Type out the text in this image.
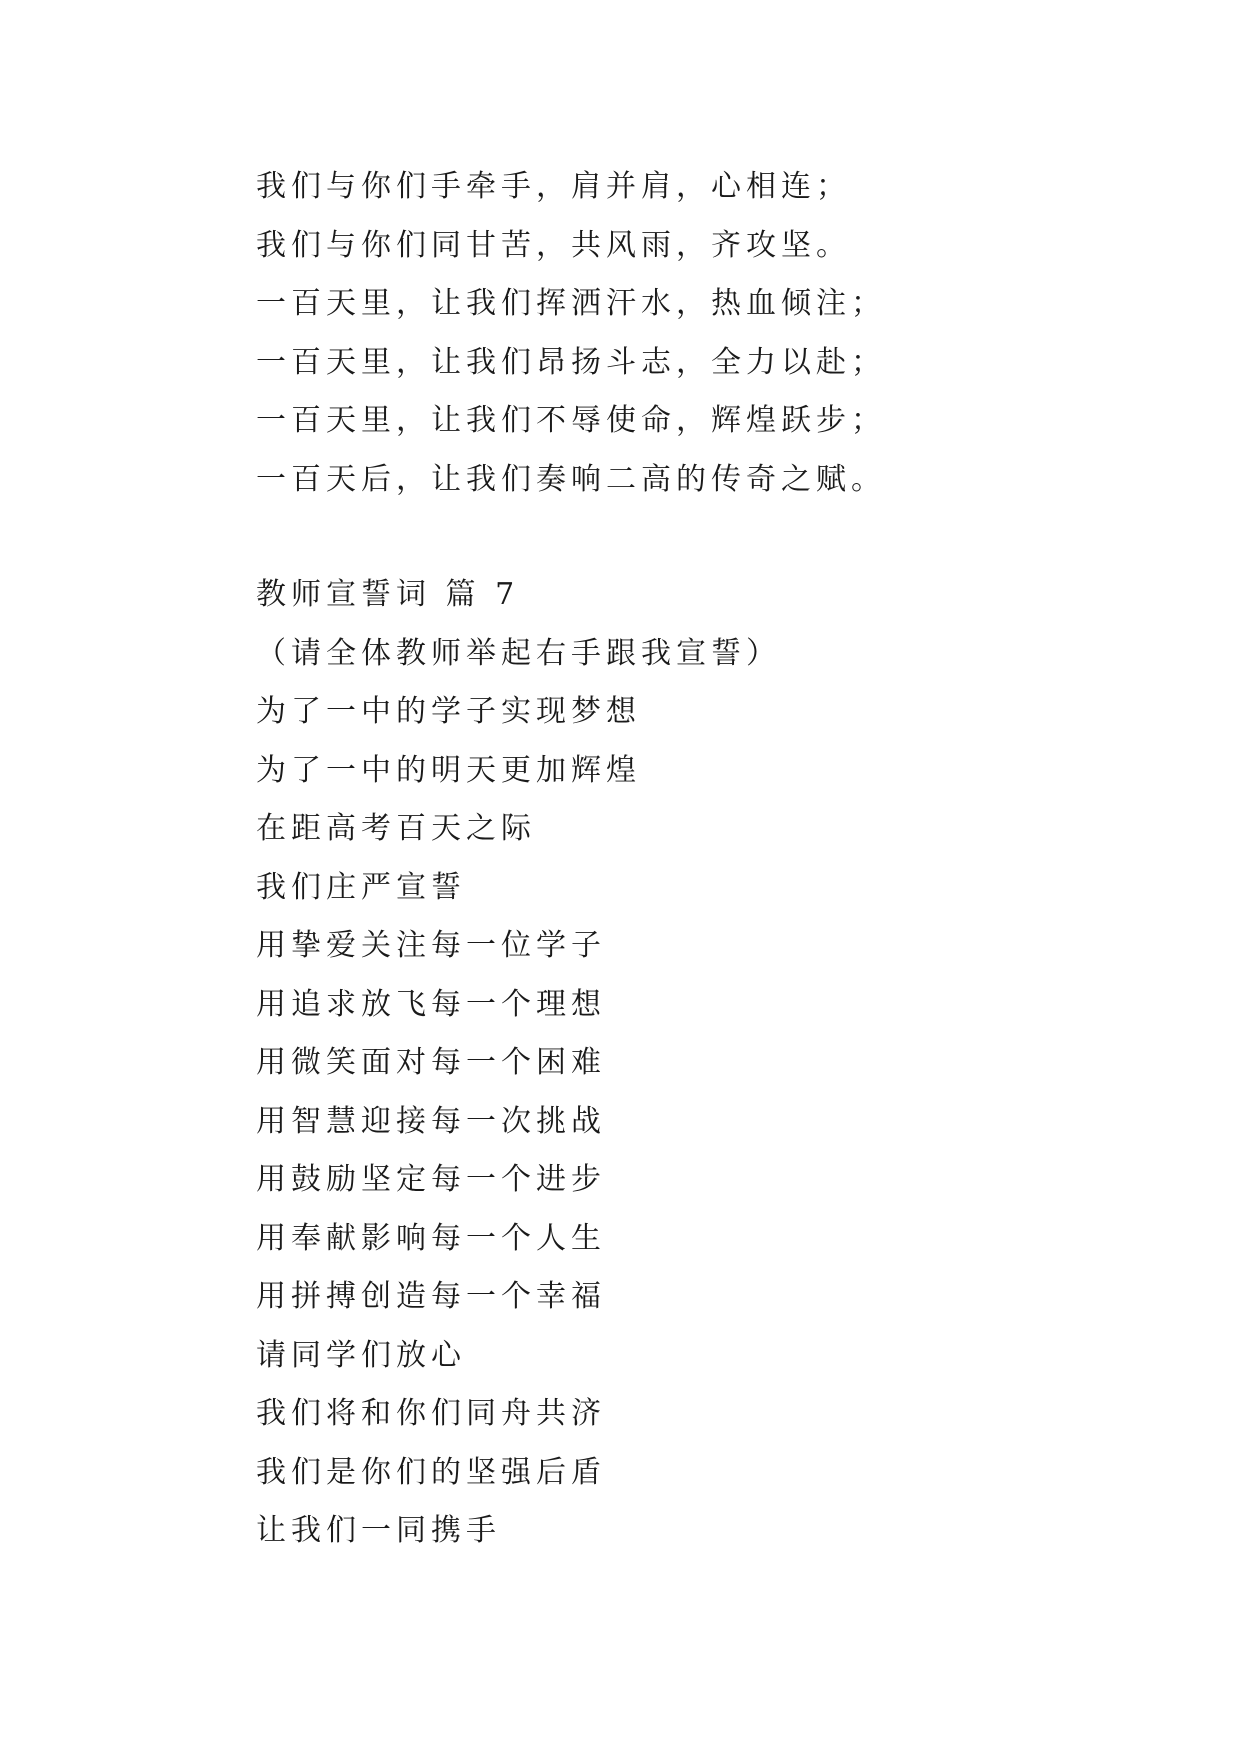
我们与你们手牵手，肩并肩，心相连；
我们与你们同甘苦，共风雨，齐攻坚。
一百天里，让我们挥洒汗水，热血倾注；
一百天里，让我们昂扬斗志，全力以赴；
一百天里，让我们不辱使命，辉煌跃步；
一百天后，让我们奏响二高的传奇之赋。
教师宣誓词 篇 7
（请全体教师举起右手跟我宣誓）
为了一中的学子实现梦想
为了一中的明天更加辉煌
在距高考百天之际
我们庄严宣誓
用挚爱关注每一位学子
用追求放飞每一个理想
用微笑面对每一个困难
用智慧迎接每一次挑战
用鼓励坚定每一个进步
用奉献影响每一个人生
用拼搏创造每一个幸福
请同学们放心
我们将和你们同舟共济
我们是你们的坚强后盾
让我们一同携手
